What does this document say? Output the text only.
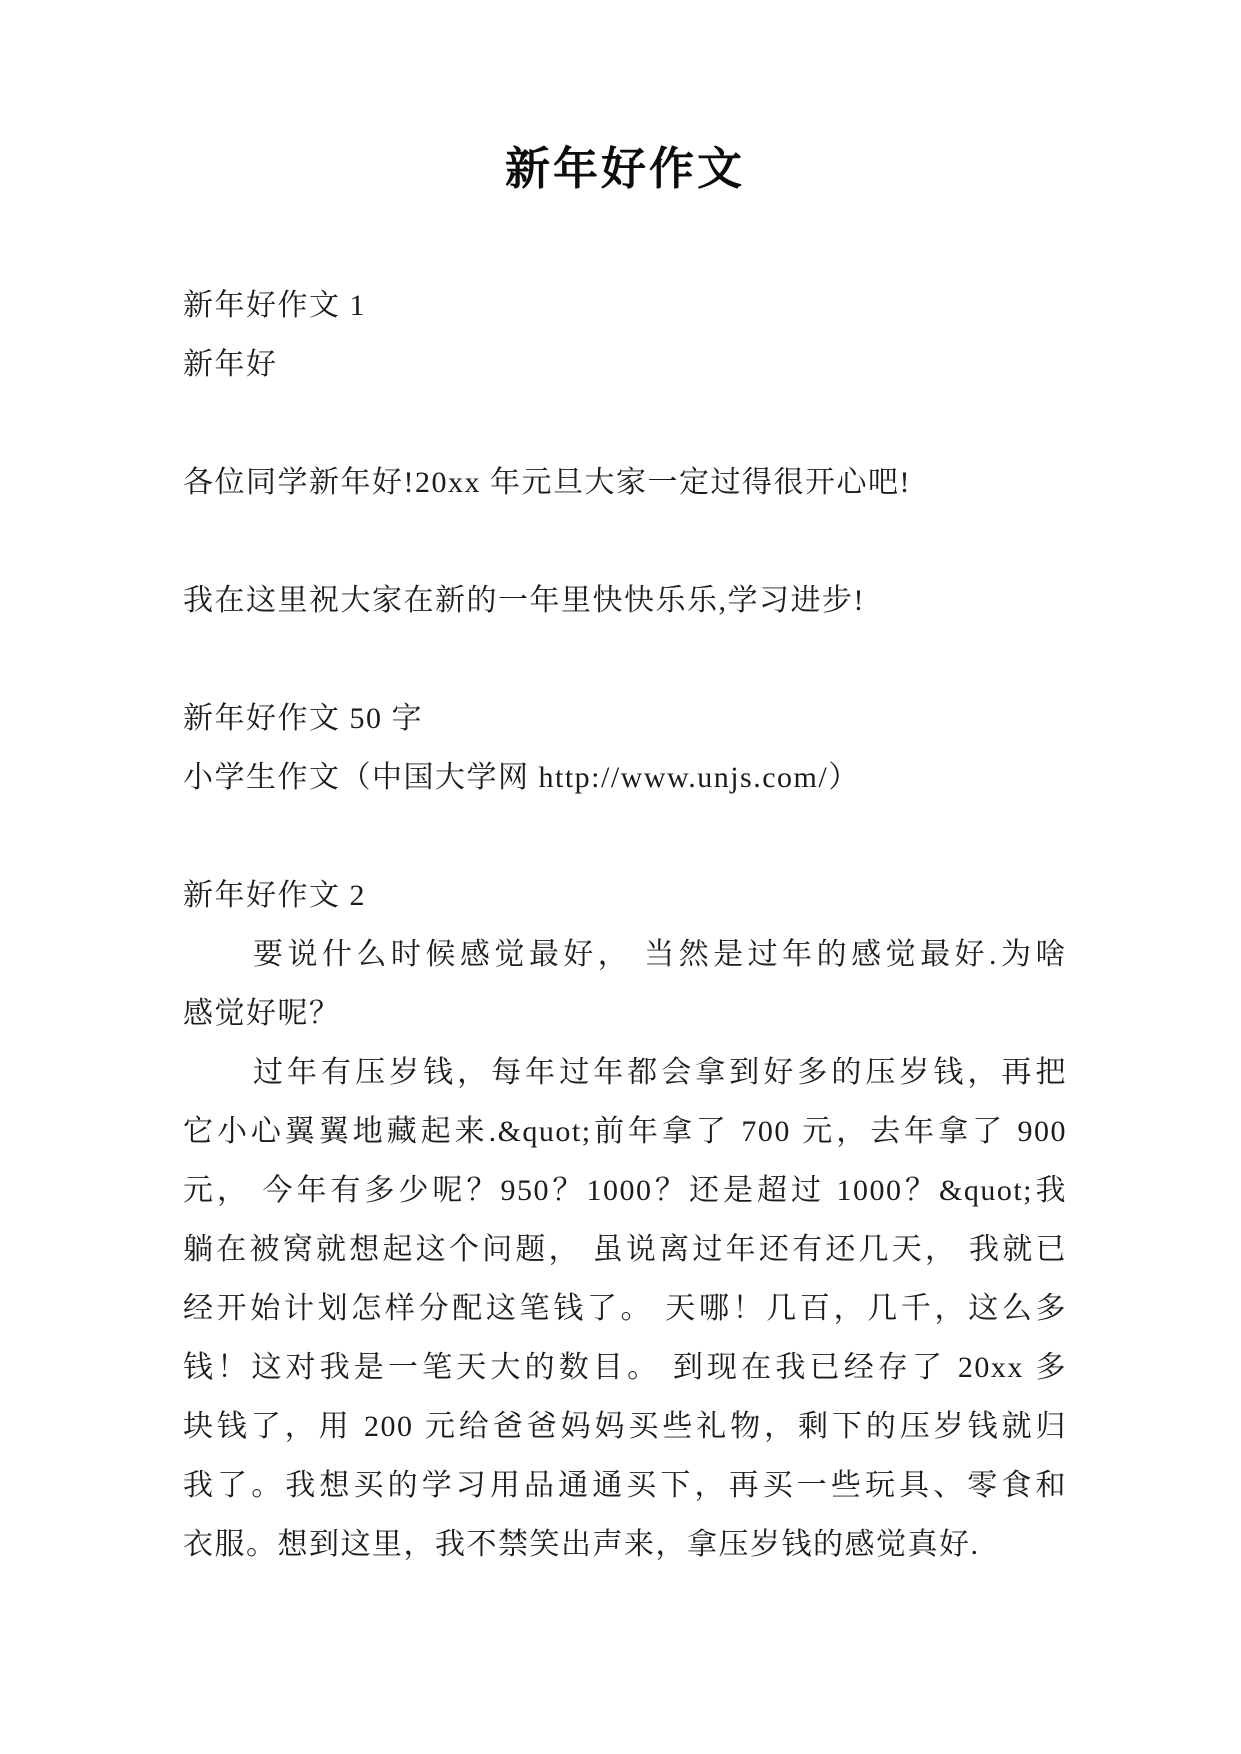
新年好作文
新年好作文 1
新年好
各位同学新年好!20xx 年元旦大家一定过得很开心吧!
我在这里祝大家在新的一年里快快乐乐,学习进步!
新年好作文 50 字
小学生作文（中国大学网 http://www.unjs.com/）
新年好作文 2
要说什么时候感觉最好， 当然是过年的感觉最好.为啥
感觉好呢？
过年有压岁钱，每年过年都会拿到好多的压岁钱，再把
它小心翼翼地藏起来.&quot;前年拿了 700 元，去年拿了 900
元， 今年有多少呢？950？1000？还是超过 1000？&quot;我
躺在被窝就想起这个问题， 虽说离过年还有还几天， 我就已
经开始计划怎样分配这笔钱了。 天哪！几百，几千，这么多
钱！这对我是一笔天大的数目。 到现在我已经存了 20xx 多
块钱了，用 200 元给爸爸妈妈买些礼物，剩下的压岁钱就归
我了。我想买的学习用品通通买下，再买一些玩具、零食和
衣服。想到这里，我不禁笑出声来，拿压岁钱的感觉真好.
